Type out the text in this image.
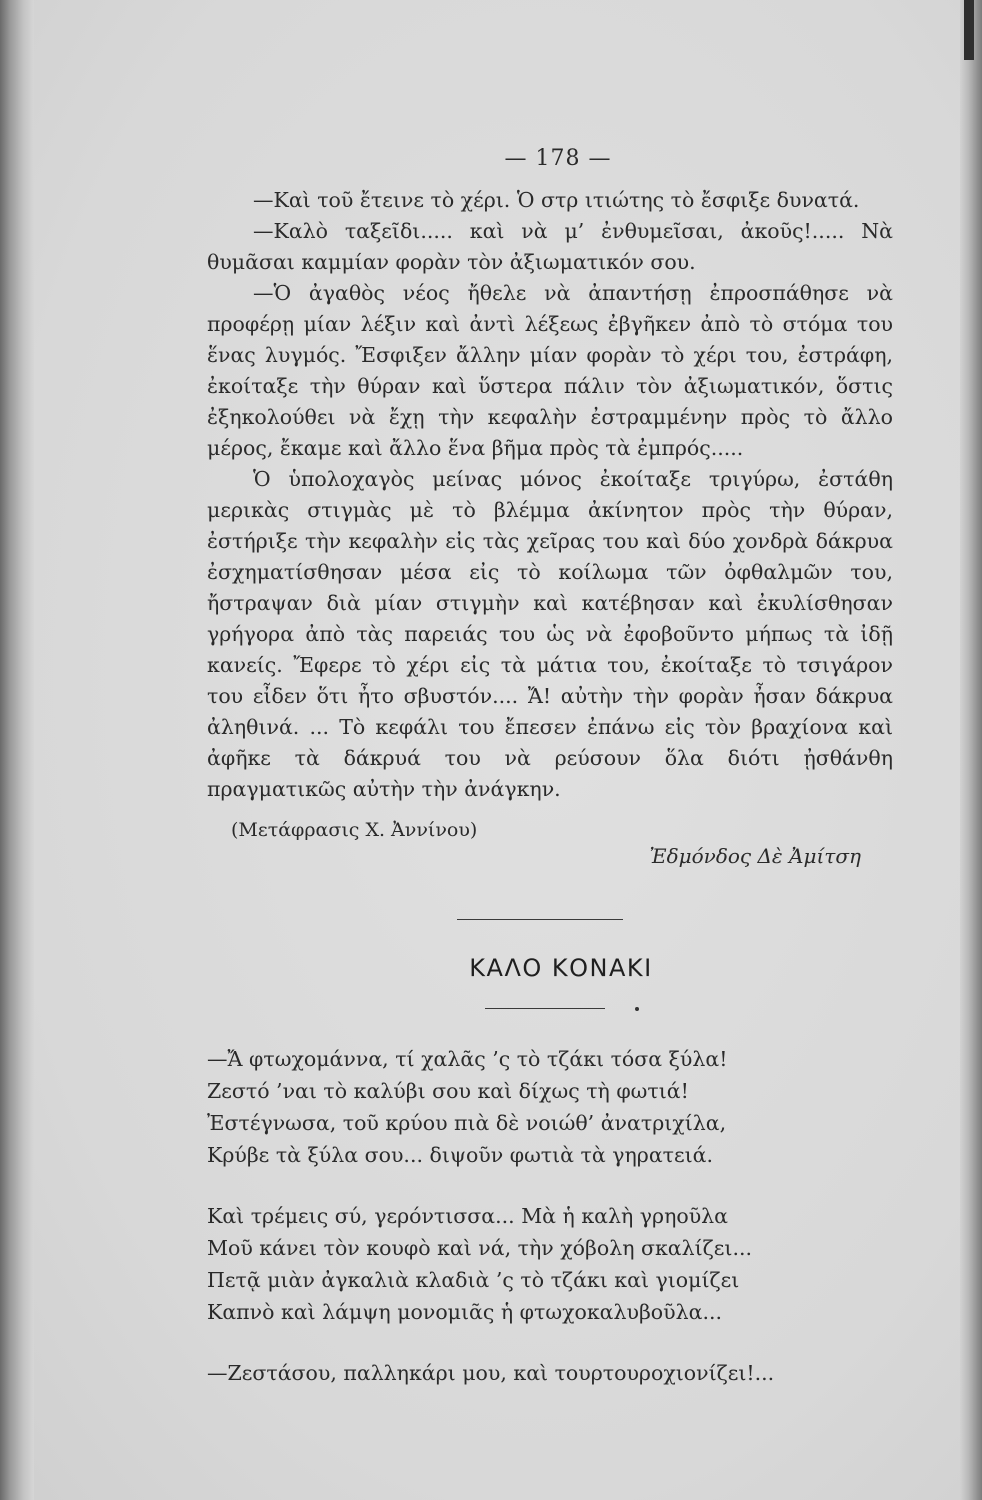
— 178 —

—Καὶ τοῦ ἔτεινε τὸ χέρι. Ὁ στρ ιτιώτης τὸ ἔσφιξε δυνατά.

—Καλὸ ταξεῖδι..... καὶ νὰ μ’ ἐνθυμεῖσαι, ἀκοῦς!..... Νὰ θυμᾶσαι καμμίαν φορὰν τὸν ἀξιωματικόν σου.

—Ὁ ἀγαθὸς νέος ἤθελε νὰ ἀπαντήσῃ ἐπροσπάθησε νὰ προφέρῃ μίαν λέξιν καὶ ἀντὶ λέξεως ἐβγῆκεν ἀπὸ τὸ στόμα του ἕνας λυγμός. Ἔσφιξεν ἄλλην μίαν φορὰν τὸ χέρι του, ἐστράφη, ἐκοίταξε τὴν θύραν καὶ ὕστερα πάλιν τὸν ἀξιωματικόν, ὅστις ἐξηκολούθει νὰ ἔχῃ τὴν κεφαλὴν ἐστραμμένην πρὸς τὸ ἄλλο μέρος, ἔκαμε καὶ ἄλλο ἕνα βῆμα πρὸς τὰ ἐμπρός.....

Ὁ ὑπολοχαγὸς μείνας μόνος ἐκοίταξε τριγύρω, ἐστάθη μερικὰς στιγμὰς μὲ τὸ βλέμμα ἀκίνητον πρὸς τὴν θύραν, ἐστήριξε τὴν κεφαλὴν εἰς τὰς χεῖρας του καὶ δύο χονδρὰ δάκρυα ἐσχηματίσθησαν μέσα εἰς τὸ κοίλωμα τῶν ὀφθαλμῶν του, ἤστραψαν διὰ μίαν στιγμὴν καὶ κατέβησαν καὶ ἐκυλίσθησαν γρήγορα ἀπὸ τὰς παρειάς του ὡς νὰ ἐφοβοῦντο μήπως τὰ ἰδῇ κανείς. Ἔφερε τὸ χέρι εἰς τὰ μάτια του, ἐκοίταξε τὸ τσιγάρον του εἶδεν ὅτι ἦτο σβυστόν.... Ἄ! αὐτὴν τὴν φορὰν ἦσαν δάκρυα ἀληθινά. ... Τὸ κεφάλι του ἔπεσεν ἐπάνω εἰς τὸν βραχίονα καὶ ἀφῆκε τὰ δάκρυά του νὰ ρεύσουν ὅλα διότι ᾐσθάνθη πραγματικῶς αὐτὴν τὴν ἀνάγκην.

(Μετάφρασις Χ. Ἀννίνου)
Ἐδμόνδος Δὲ Ἀμίτση
ΚΑΛΟ ΚΟΝΑΚΙ
—Ἄ φτωχομάννα, τί χαλᾶς ’ς τὸ τζάκι τόσα ξύλα!
Ζεστό ’ναι τὸ καλύβι σου καὶ δίχως τὴ φωτιά!
Ἐστέγνωσα, τοῦ κρύου πιὰ δὲ νοιώθ’ ἀνατριχίλα,
Κρύβε τὰ ξύλα σου... διψοῦν φωτιὰ τὰ γηρατειά.
Καὶ τρέμεις σύ, γερόντισσα... Μὰ ἡ καλὴ γρηοῦλα
Μοῦ κάνει τὸν κουφὸ καὶ νά, τὴν χόβολη σκαλίζει...
Πετᾷ μιὰν ἀγκαλιὰ κλαδιὰ ’ς τὸ τζάκι καὶ γιομίζει
Καπνὸ καὶ λάμψη μονομιᾶς ἡ φτωχοκαλυβοῦλα...
—Ζεστάσου, παλληκάρι μου, καὶ τουρτουροχιονίζει!...
